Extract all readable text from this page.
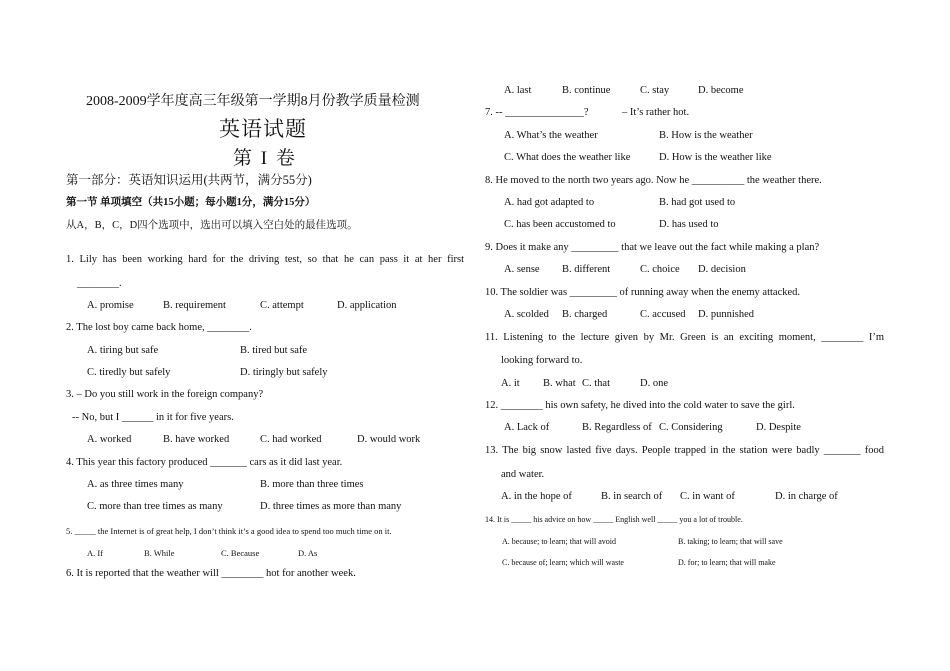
2008-2009学年度高三年级第一学期8月份教学质量检测
英语试题
第 I 卷
第一部分：英语知识运用(共两节，满分55分)
第一节 单项填空（共15小题；每小题1分，满分15分）
从A，B，C，D四个选项中，选出可以填入空白处的最佳选项。
1. Lily has been working hard for the driving test, so that he can pass it at her first
________.
A. promise	B. requirement	C. attempt	D. application
2. The lost boy came back home, ________.
A. tiring but safe	B. tired but safe
C. tiredly but safely	D. tiringly but safely
3. – Do you still work in the foreign company?
-- No, but I ______ in it for five years.
A. worked	B. have worked	C. had worked	D. would work
4. This year this factory produced _______ cars as it did last year.
A. as three times many	B. more than three times
C. more than tree times as many	D. three times as more than many
5. _____ the Internet is of great help, I don’t think it’s a good idea to spend too much time on it.
A. If	B. While	C. Because	D. As
6. It is reported that the weather will ________ hot for another week.
A. last	B. continue	C. stay	D. become
7. -- _______________?	– It’s rather hot.
A. What’s the weather	B. How is the weather
C. What does the weather like	D. How is the weather like
8. He moved to the north two years ago. Now he __________ the weather there.
A. had got adapted to	B. had got used to
C. has been accustomed to	D. has used to
9. Does it make any _________ that we leave out the fact while making a plan?
A. sense B. different	C. choice D. decision
10. The soldier was _________ of running away when the enemy attacked.
A. scolded B. charged	C. accused D. punnished
11. Listening to the lecture given by Mr. Green is an exciting moment, ________ I’m
looking forward to.
A. it B. what C. that	D. one
12. ________ his own safety, he dived into the cold water to save the girl.
A. Lack of	B. Regardless of C. Considering	D. Despite
13. The big snow lasted five days. People trapped in the station were badly _______ food
and water.
A. in the hope of	B. in search of C. in want of	D. in charge of
14. It is _____ his advice on how _____ English well _____ you a lot of trouble.
A. because; to learn; that will avoid	B. taking; to learn; that will save
C. because of; learn; which will waste	D. for; to learn; that will make
